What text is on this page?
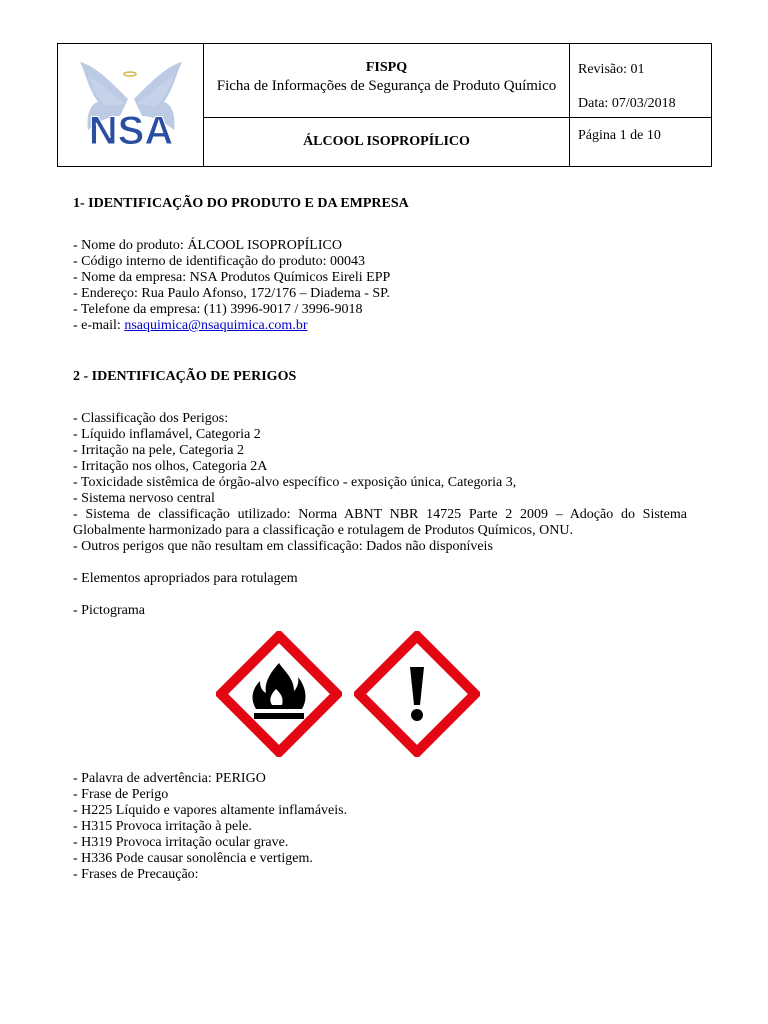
NSA
FISPQ
Ficha de Informações de Segurança de Produto Químico
ÁLCOOL ISOPROPÍLICO
Revisão: 01
Data: 07/03/2018
Página 1 de 10

1- IDENTIFICAÇÃO DO PRODUTO E DA EMPRESA

- Nome do produto: ÁLCOOL ISOPROPÍLICO
- Código interno de identificação do produto: 00043
- Nome da empresa: NSA Produtos Químicos Eireli EPP
- Endereço: Rua Paulo Afonso, 172/176 – Diadema - SP.
- Telefone da empresa: (11) 3996-9017 / 3996-9018
- e-mail: nsaquimica@nsaquimica.com.br

2 - IDENTIFICAÇÃO DE PERIGOS

- Classificação dos Perigos:
- Líquido inflamável, Categoria 2
- Irritação na pele, Categoria 2
- Irritação nos olhos, Categoria 2A
- Toxicidade sistêmica de órgão-alvo específico - exposição única, Categoria 3,
- Sistema nervoso central
- Sistema de classificação utilizado: Norma ABNT NBR 14725 Parte 2 2009 – Adoção do Sistema Globalmente harmonizado para a classificação e rotulagem de Produtos Químicos, ONU.
- Outros perigos que não resultam em classificação: Dados não disponíveis
- Elementos apropriados para rotulagem
- Pictograma
- Palavra de advertência: PERIGO
- Frase de Perigo
- H225 Líquido e vapores altamente inflamáveis.
- H315 Provoca irritação à pele.
- H319 Provoca irritação ocular grave.
- H336 Pode causar sonolência e vertigem.
- Frases de Precaução:
